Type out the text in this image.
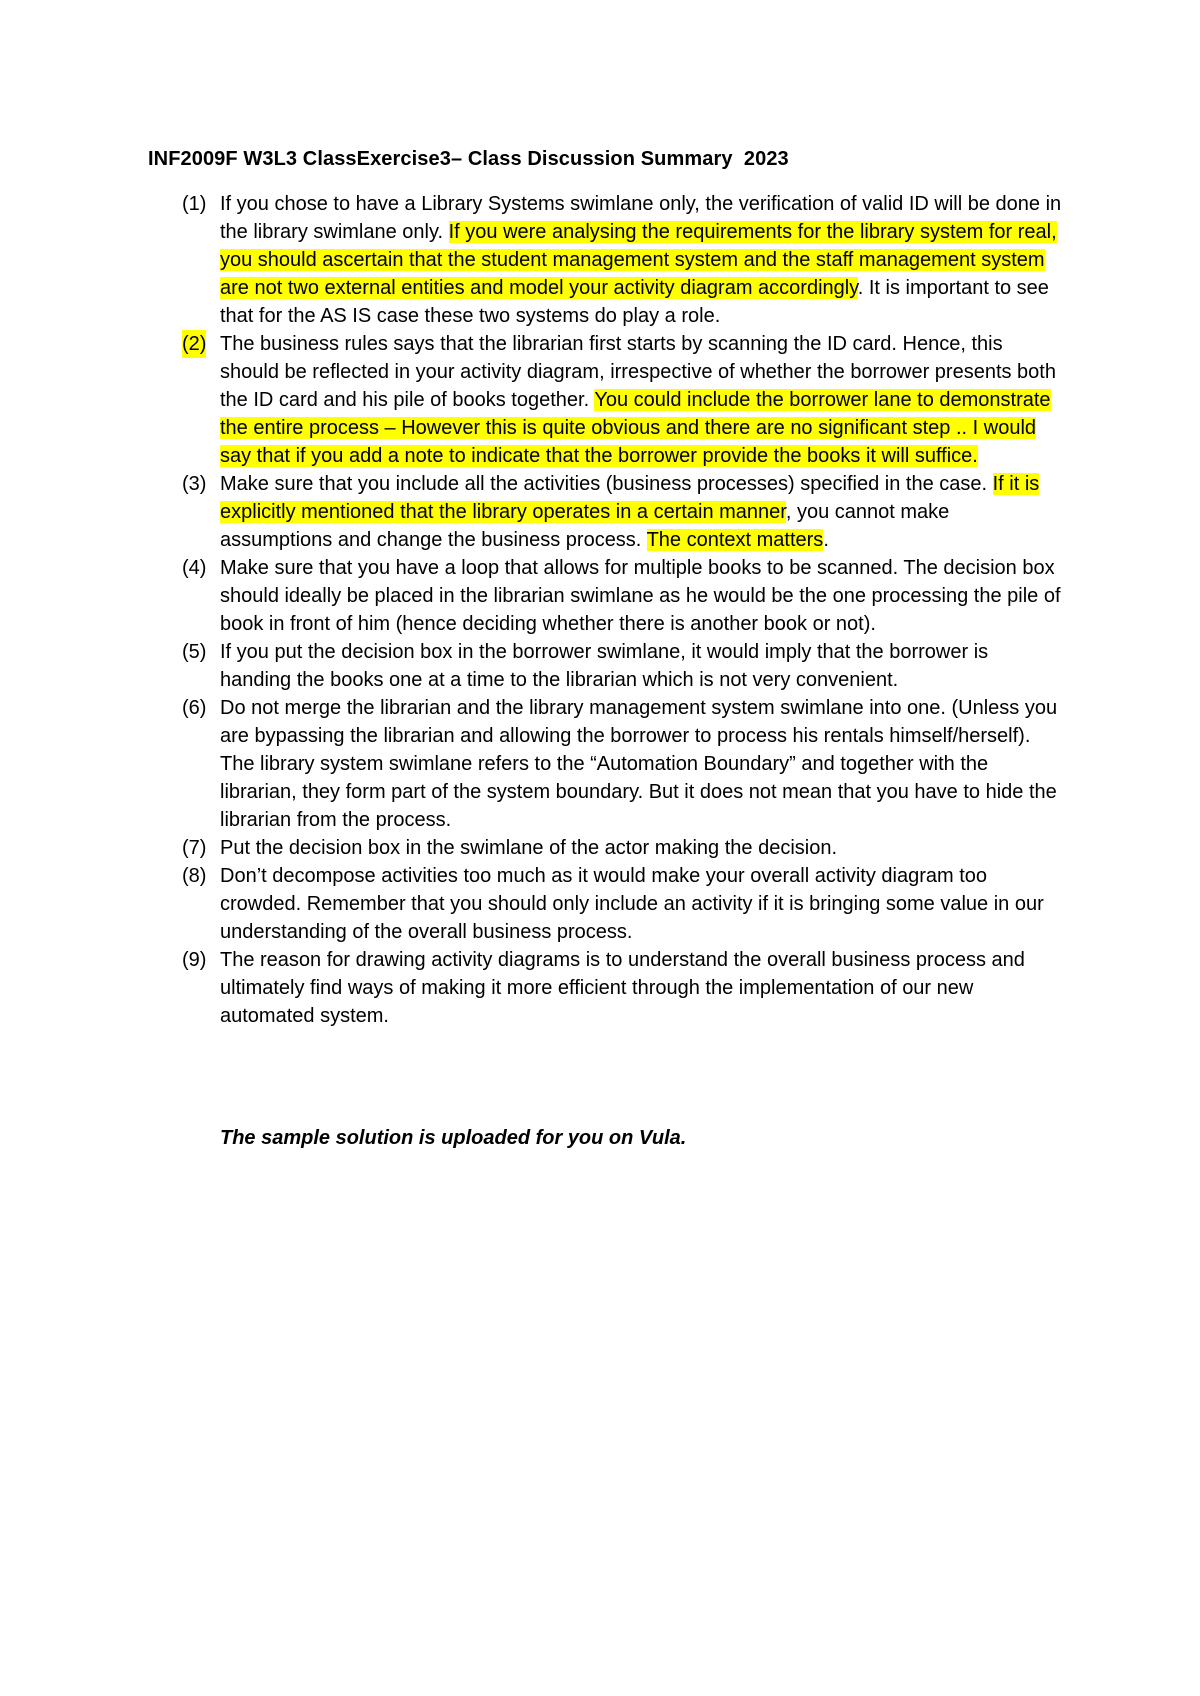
INF2009F W3L3 ClassExercise3– Class Discussion Summary  2023
(1) If you chose to have a Library Systems swimlane only, the verification of valid ID will be done in the library swimlane only. If you were analysing the requirements for the library system for real, you should ascertain that the student management system and the staff management system are not two external entities and model your activity diagram accordingly. It is important to see that for the AS IS case these two systems do play a role.
(2) The business rules says that the librarian first starts by scanning the ID card. Hence, this should be reflected in your activity diagram, irrespective of whether the borrower presents both the ID card and his pile of books together. You could include the borrower lane to demonstrate the entire process – However this is quite obvious and there are no significant step .. I would say that if you add a note to indicate that the borrower provide the books it will suffice.
(3) Make sure that you include all the activities (business processes) specified in the case. If it is explicitly mentioned that the library operates in a certain manner, you cannot make assumptions and change the business process. The context matters.
(4) Make sure that you have a loop that allows for multiple books to be scanned. The decision box should ideally be placed in the librarian swimlane as he would be the one processing the pile of book in front of him (hence deciding whether there is another book or not).
(5) If you put the decision box in the borrower swimlane, it would imply that the borrower is handing the books one at a time to the librarian which is not very convenient.
(6) Do not merge the librarian and the library management system swimlane into one. (Unless you are bypassing the librarian and allowing the borrower to process his rentals himself/herself). The library system swimlane refers to the “Automation Boundary” and together with the librarian, they form part of the system boundary. But it does not mean that you have to hide the librarian from the process.
(7) Put the decision box in the swimlane of the actor making the decision.
(8) Don’t decompose activities too much as it would make your overall activity diagram too crowded. Remember that you should only include an activity if it is bringing some value in our understanding of the overall business process.
(9) The reason for drawing activity diagrams is to understand the overall business process and ultimately find ways of making it more efficient through the implementation of our new automated system.
The sample solution is uploaded for you on Vula.
